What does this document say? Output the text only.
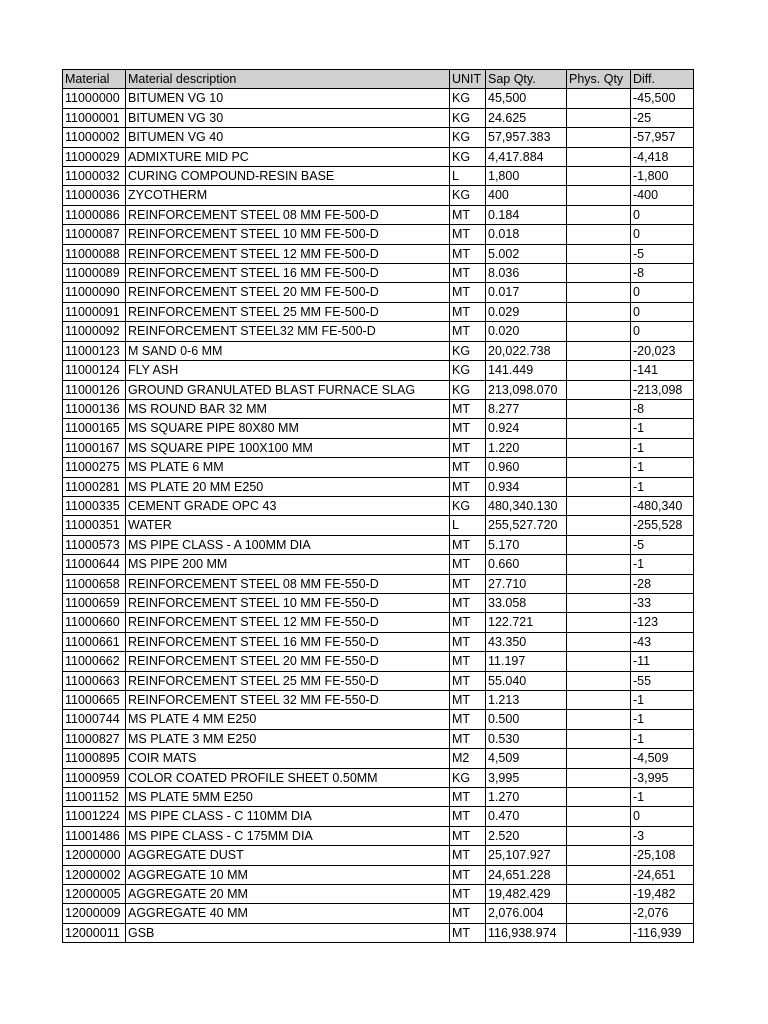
Material	Material description	UNIT	Sap Qty.	Phys. Qty	Diff.
11000000	BITUMEN VG 10	KG	45,500		-45,500
11000001	BITUMEN VG 30	KG	24.625		-25
11000002	BITUMEN VG 40	KG	57,957.383		-57,957
11000029	ADMIXTURE MID PC	KG	4,417.884		-4,418
11000032	CURING COMPOUND-RESIN BASE	L	1,800		-1,800
11000036	ZYCOTHERM	KG	400		-400
11000086	REINFORCEMENT STEEL 08 MM FE-500-D	MT	0.184		0
11000087	REINFORCEMENT STEEL 10 MM FE-500-D	MT	0.018		0
11000088	REINFORCEMENT STEEL 12 MM FE-500-D	MT	5.002		-5
11000089	REINFORCEMENT STEEL 16 MM FE-500-D	MT	8.036		-8
11000090	REINFORCEMENT STEEL 20 MM FE-500-D	MT	0.017		0
11000091	REINFORCEMENT STEEL 25 MM FE-500-D	MT	0.029		0
11000092	REINFORCEMENT STEEL32 MM FE-500-D	MT	0.020		0
11000123	M SAND 0-6 MM	KG	20,022.738		-20,023
11000124	FLY ASH	KG	141.449		-141
11000126	GROUND GRANULATED BLAST FURNACE SLAG	KG	213,098.070		-213,098
11000136	MS ROUND BAR 32 MM	MT	8.277		-8
11000165	MS SQUARE PIPE 80X80 MM	MT	0.924		-1
11000167	MS SQUARE PIPE 100X100 MM	MT	1.220		-1
11000275	MS PLATE 6 MM	MT	0.960		-1
11000281	MS PLATE 20 MM E250	MT	0.934		-1
11000335	CEMENT GRADE OPC 43	KG	480,340.130		-480,340
11000351	WATER	L	255,527.720		-255,528
11000573	MS PIPE CLASS - A 100MM DIA	MT	5.170		-5
11000644	MS PIPE 200 MM	MT	0.660		-1
11000658	REINFORCEMENT STEEL 08 MM FE-550-D	MT	27.710		-28
11000659	REINFORCEMENT STEEL 10 MM FE-550-D	MT	33.058		-33
11000660	REINFORCEMENT STEEL 12 MM FE-550-D	MT	122.721		-123
11000661	REINFORCEMENT STEEL 16 MM FE-550-D	MT	43.350		-43
11000662	REINFORCEMENT STEEL 20 MM FE-550-D	MT	11.197		-11
11000663	REINFORCEMENT STEEL 25 MM FE-550-D	MT	55.040		-55
11000665	REINFORCEMENT STEEL 32 MM FE-550-D	MT	1.213		-1
11000744	MS PLATE 4 MM E250	MT	0.500		-1
11000827	MS PLATE 3 MM E250	MT	0.530		-1
11000895	COIR MATS	M2	4,509		-4,509
11000959	COLOR COATED PROFILE SHEET 0.50MM	KG	3,995		-3,995
11001152	MS PLATE 5MM E250	MT	1.270		-1
11001224	MS PIPE CLASS - C 110MM DIA	MT	0.470		0
11001486	MS PIPE CLASS - C 175MM DIA	MT	2.520		-3
12000000	AGGREGATE DUST	MT	25,107.927		-25,108
12000002	AGGREGATE 10 MM	MT	24,651.228		-24,651
12000005	AGGREGATE 20 MM	MT	19,482.429		-19,482
12000009	AGGREGATE 40 MM	MT	2,076.004		-2,076
12000011	GSB	MT	116,938.974		-116,939
